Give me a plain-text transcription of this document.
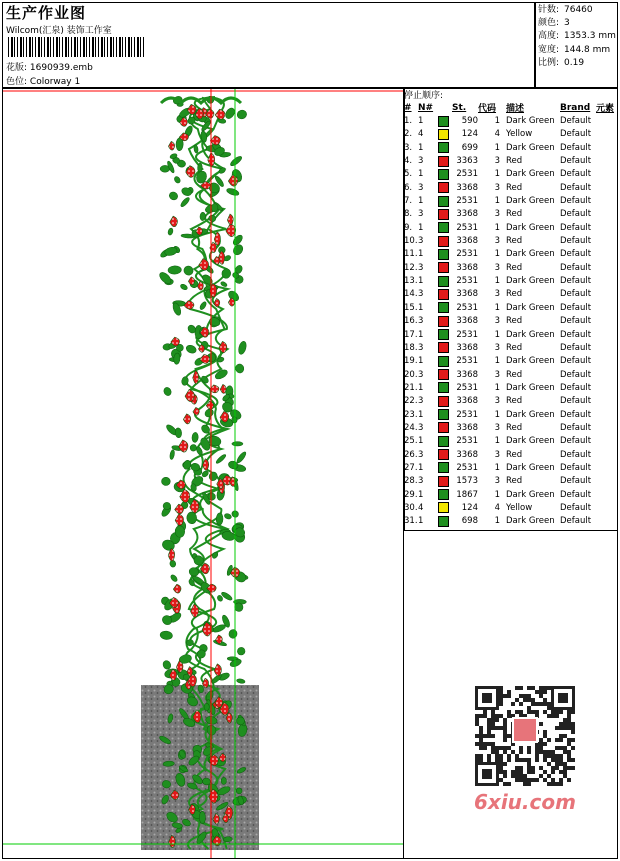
生产作业图
Wilcom(汇泉) 装饰工作室
花版: 1690939.emb
色位: Colorway 1
针数: 76460
颜色: 3
高度: 1353.3 mm
宽度: 144.8 mm
比例: 0.19
停止顺序:
#	N#		St.	代码	描述	Brand	元素
1.	1		590	1	Dark Green	Default	
2.	4		124	4	Yellow	Default	
3.	1		699	1	Dark Green	Default	
4.	3		3363	3	Red	Default	
5.	1		2531	1	Dark Green	Default	
6.	3		3368	3	Red	Default	
7.	1		2531	1	Dark Green	Default	
8.	3		3368	3	Red	Default	
9.	1		2531	1	Dark Green	Default	
10.	3		3368	3	Red	Default	
11.	1		2531	1	Dark Green	Default	
12.	3		3368	3	Red	Default	
13.	1		2531	1	Dark Green	Default	
14.	3		3368	3	Red	Default	
15.	1		2531	1	Dark Green	Default	
16.	3		3368	3	Red	Default	
17.	1		2531	1	Dark Green	Default	
18.	3		3368	3	Red	Default	
19.	1		2531	1	Dark Green	Default	
20.	3		3368	3	Red	Default	
21.	1		2531	1	Dark Green	Default	
22.	3		3368	3	Red	Default	
23.	1		2531	1	Dark Green	Default	
24.	3		3368	3	Red	Default	
25.	1		2531	1	Dark Green	Default	
26.	3		3368	3	Red	Default	
27.	1		2531	1	Dark Green	Default	
28.	3		1573	3	Red	Default	
29.	1		1867	1	Dark Green	Default	
30.	4		124	4	Yellow	Default	
31.	1		698	1	Dark Green	Default	
6xiu.com
